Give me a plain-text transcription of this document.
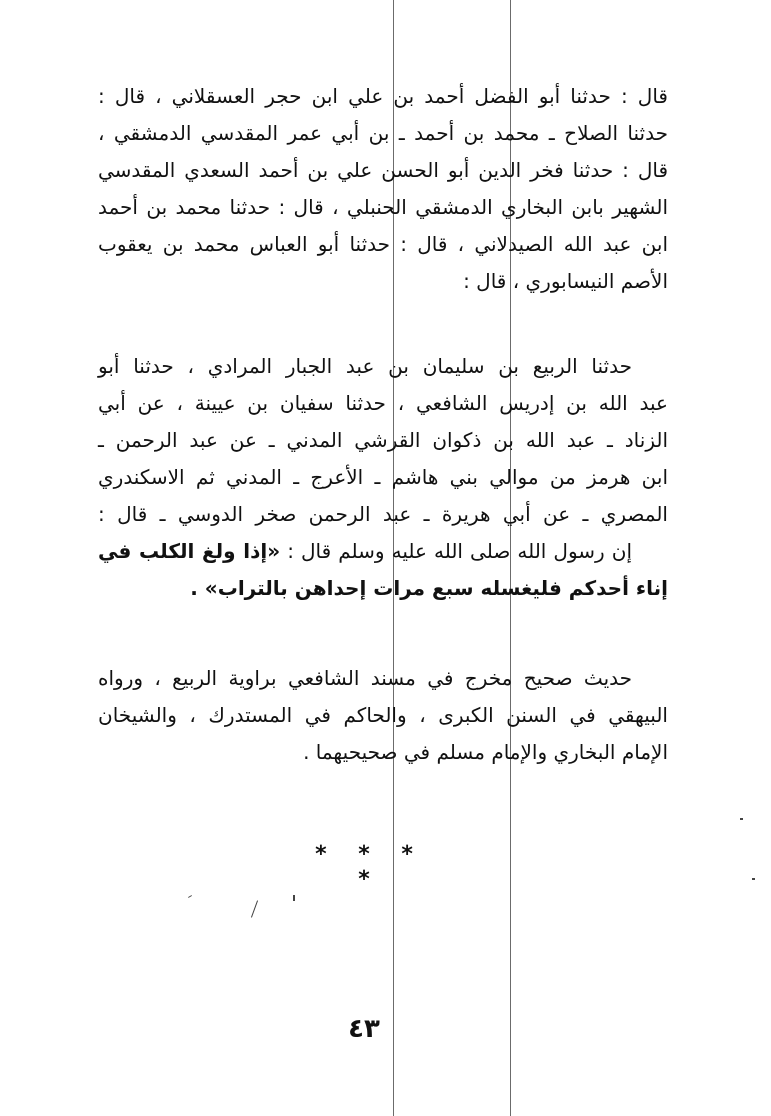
قال : حدثنا أبو الفضل أحمد بن علي ابن حجر العسقلاني ، قال :
حدثنا الصلاح ـ محمد بن أحمد ـ بن أبي عمر المقدسي الدمشقي ،
قال : حدثنا فخر الدين أبو الحسن علي بن أحمد السعدي المقدسي
الشهير بابن البخاري الدمشقي الحنبلي ، قال : حدثنا محمد بن أحمد
ابن عبد الله الصيدلاني ، قال : حدثنا أبو العباس محمد بن يعقوب
الأصم النيسابوري ، قال :
حدثنا الربيع بن سليمان بن عبد الجبار المرادي ، حدثنا أبو
عبد الله بن إدريس الشافعي ، حدثنا سفيان بن عيينة ، عن أبي
الزناد ـ عبد الله بن ذكوان القرشي المدني ـ عن عبد الرحمن ـ
ابن هرمز من موالي بني هاشم ـ الأعرج ـ المدني ثم الاسكندري
المصري ـ عن أبي هريرة ـ عبد الرحمن صخر الدوسي ـ قال :
إن رسول الله صلى الله عليه وسلم قال : «إذا ولغ الكلب في
إناء أحدكم فليغسله سبع مرات إحداهن بالتراب» .
حديث صحيح مخرج في مسند الشافعي براوية الربيع ، ورواه
البيهقي في السنن الكبرى ، والحاكم في المستدرك ، والشيخان
الإمام البخاري والإمام مسلم في صحيحيهما .
* * * *
٤٣
